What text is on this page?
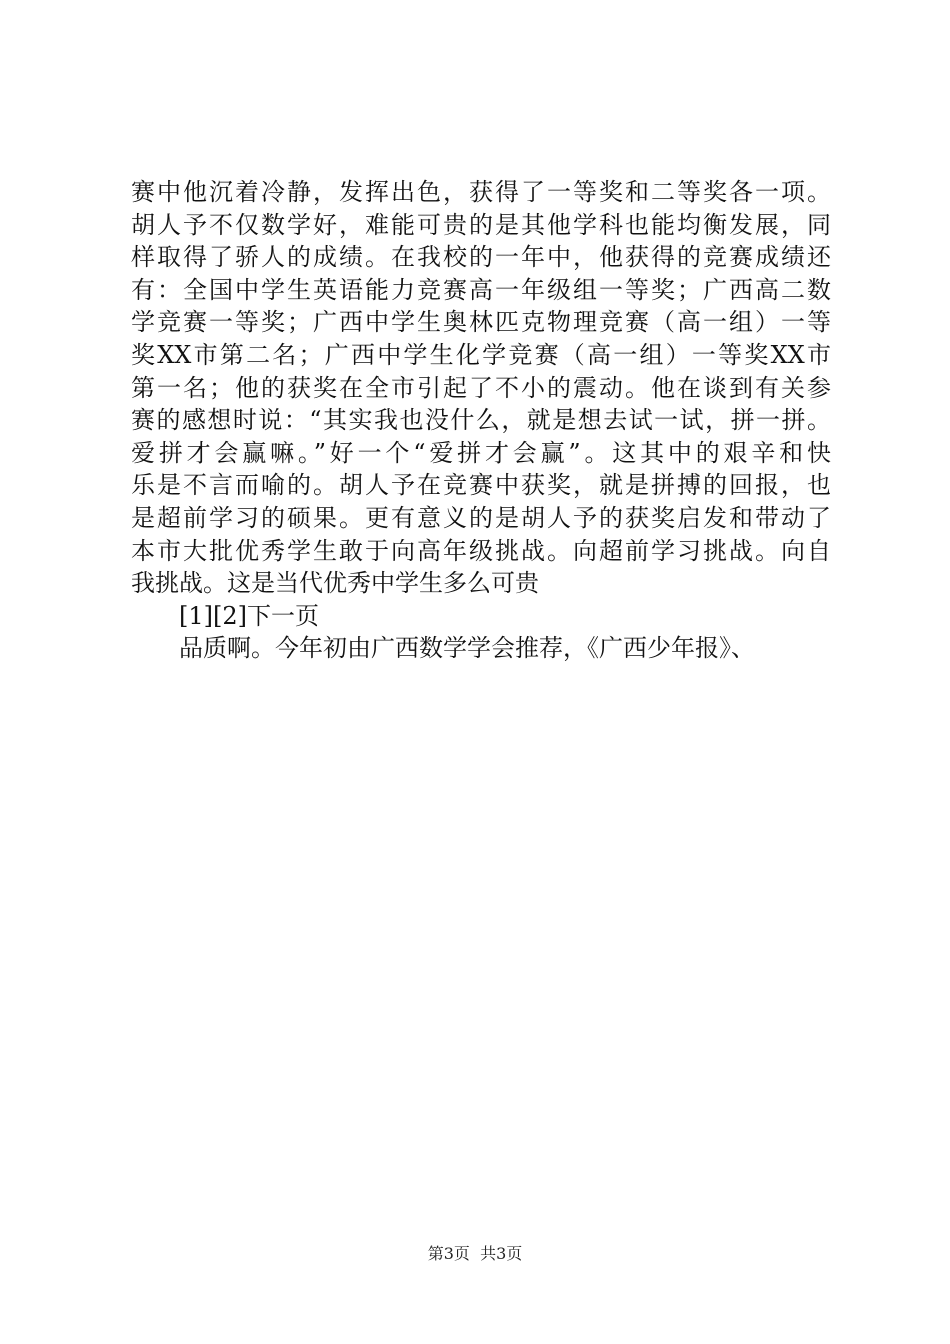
赛中他沉着冷静，发挥出色，获得了一等奖和二等奖各一项。
胡人予不仅数学好，难能可贵的是其他学科也能均衡发展，同
样取得了骄人的成绩。在我校的一年中，他获得的竞赛成绩还
有：全国中学生英语能力竞赛高一年级组一等奖；广西高二数
学竞赛一等奖；广西中学生奥林匹克物理竞赛（高一组）一等
奖XX市第二名；广西中学生化学竞赛（高一组）一等奖XX市
第一名；他的获奖在全市引起了不小的震动。他在谈到有关参
赛的感想时说：“其实我也没什么，就是想去试一试，拼一拼。
爱拼才会赢嘛。”好一个“爱拼才会赢”。这其中的艰辛和快
乐是不言而喻的。胡人予在竞赛中获奖，就是拼搏的回报，也
是超前学习的硕果。更有意义的是胡人予的获奖启发和带动了
本市大批优秀学生敢于向高年级挑战。向超前学习挑战。向自
我挑战。这是当代优秀中学生多么可贵
[1][2]下一页
品质啊。今年初由广西数学学会推荐，《广西少年报》、
第3页  共3页
